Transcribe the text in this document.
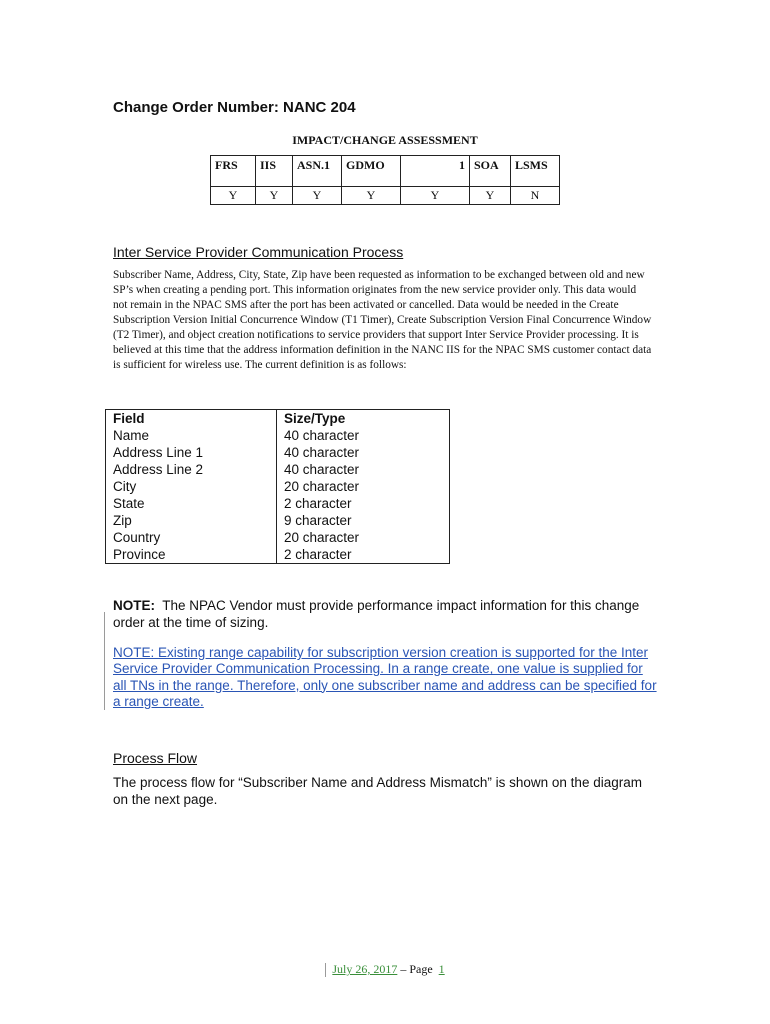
Change Order Number: NANC 204
IMPACT/CHANGE ASSESSMENT
FRS	IIS	ASN.1	GDMO	1	SOA	LSMS
Y	Y	Y	Y	Y	Y	N
Inter Service Provider Communication Process
Subscriber Name, Address, City, State, Zip have been requested as information to be exchanged between old and new SP’s when creating a pending port. This information originates from the new service provider only. This data would not remain in the NPAC SMS after the port has been activated or cancelled. Data would be needed in the Create Subscription Version Initial Concurrence Window (T1 Timer), Create Subscription Version Final Concurrence Window (T2 Timer), and object creation notifications to service providers that support Inter Service Provider processing. It is believed at this time that the address information definition in the NANC IIS for the NPAC SMS customer contact data is sufficient for wireless use. The current definition is as follows:
Field	Size/Type
Name	40 character
Address Line 1	40 character
Address Line 2	40 character
City	20 character
State	2 character
Zip	9 character
Country	20 character
Province	2 character
NOTE:  The NPAC Vendor must provide performance impact information for this change order at the time of sizing.
NOTE: Existing range capability for subscription version creation is supported for the Inter Service Provider Communication Processing. In a range create, one value is supplied for all TNs in the range. Therefore, only one subscriber name and address can be specified for a range create.
Process Flow
The process flow for “Subscriber Name and Address Mismatch” is shown on the diagram on the next page.
July 26, 2017 – Page  1
